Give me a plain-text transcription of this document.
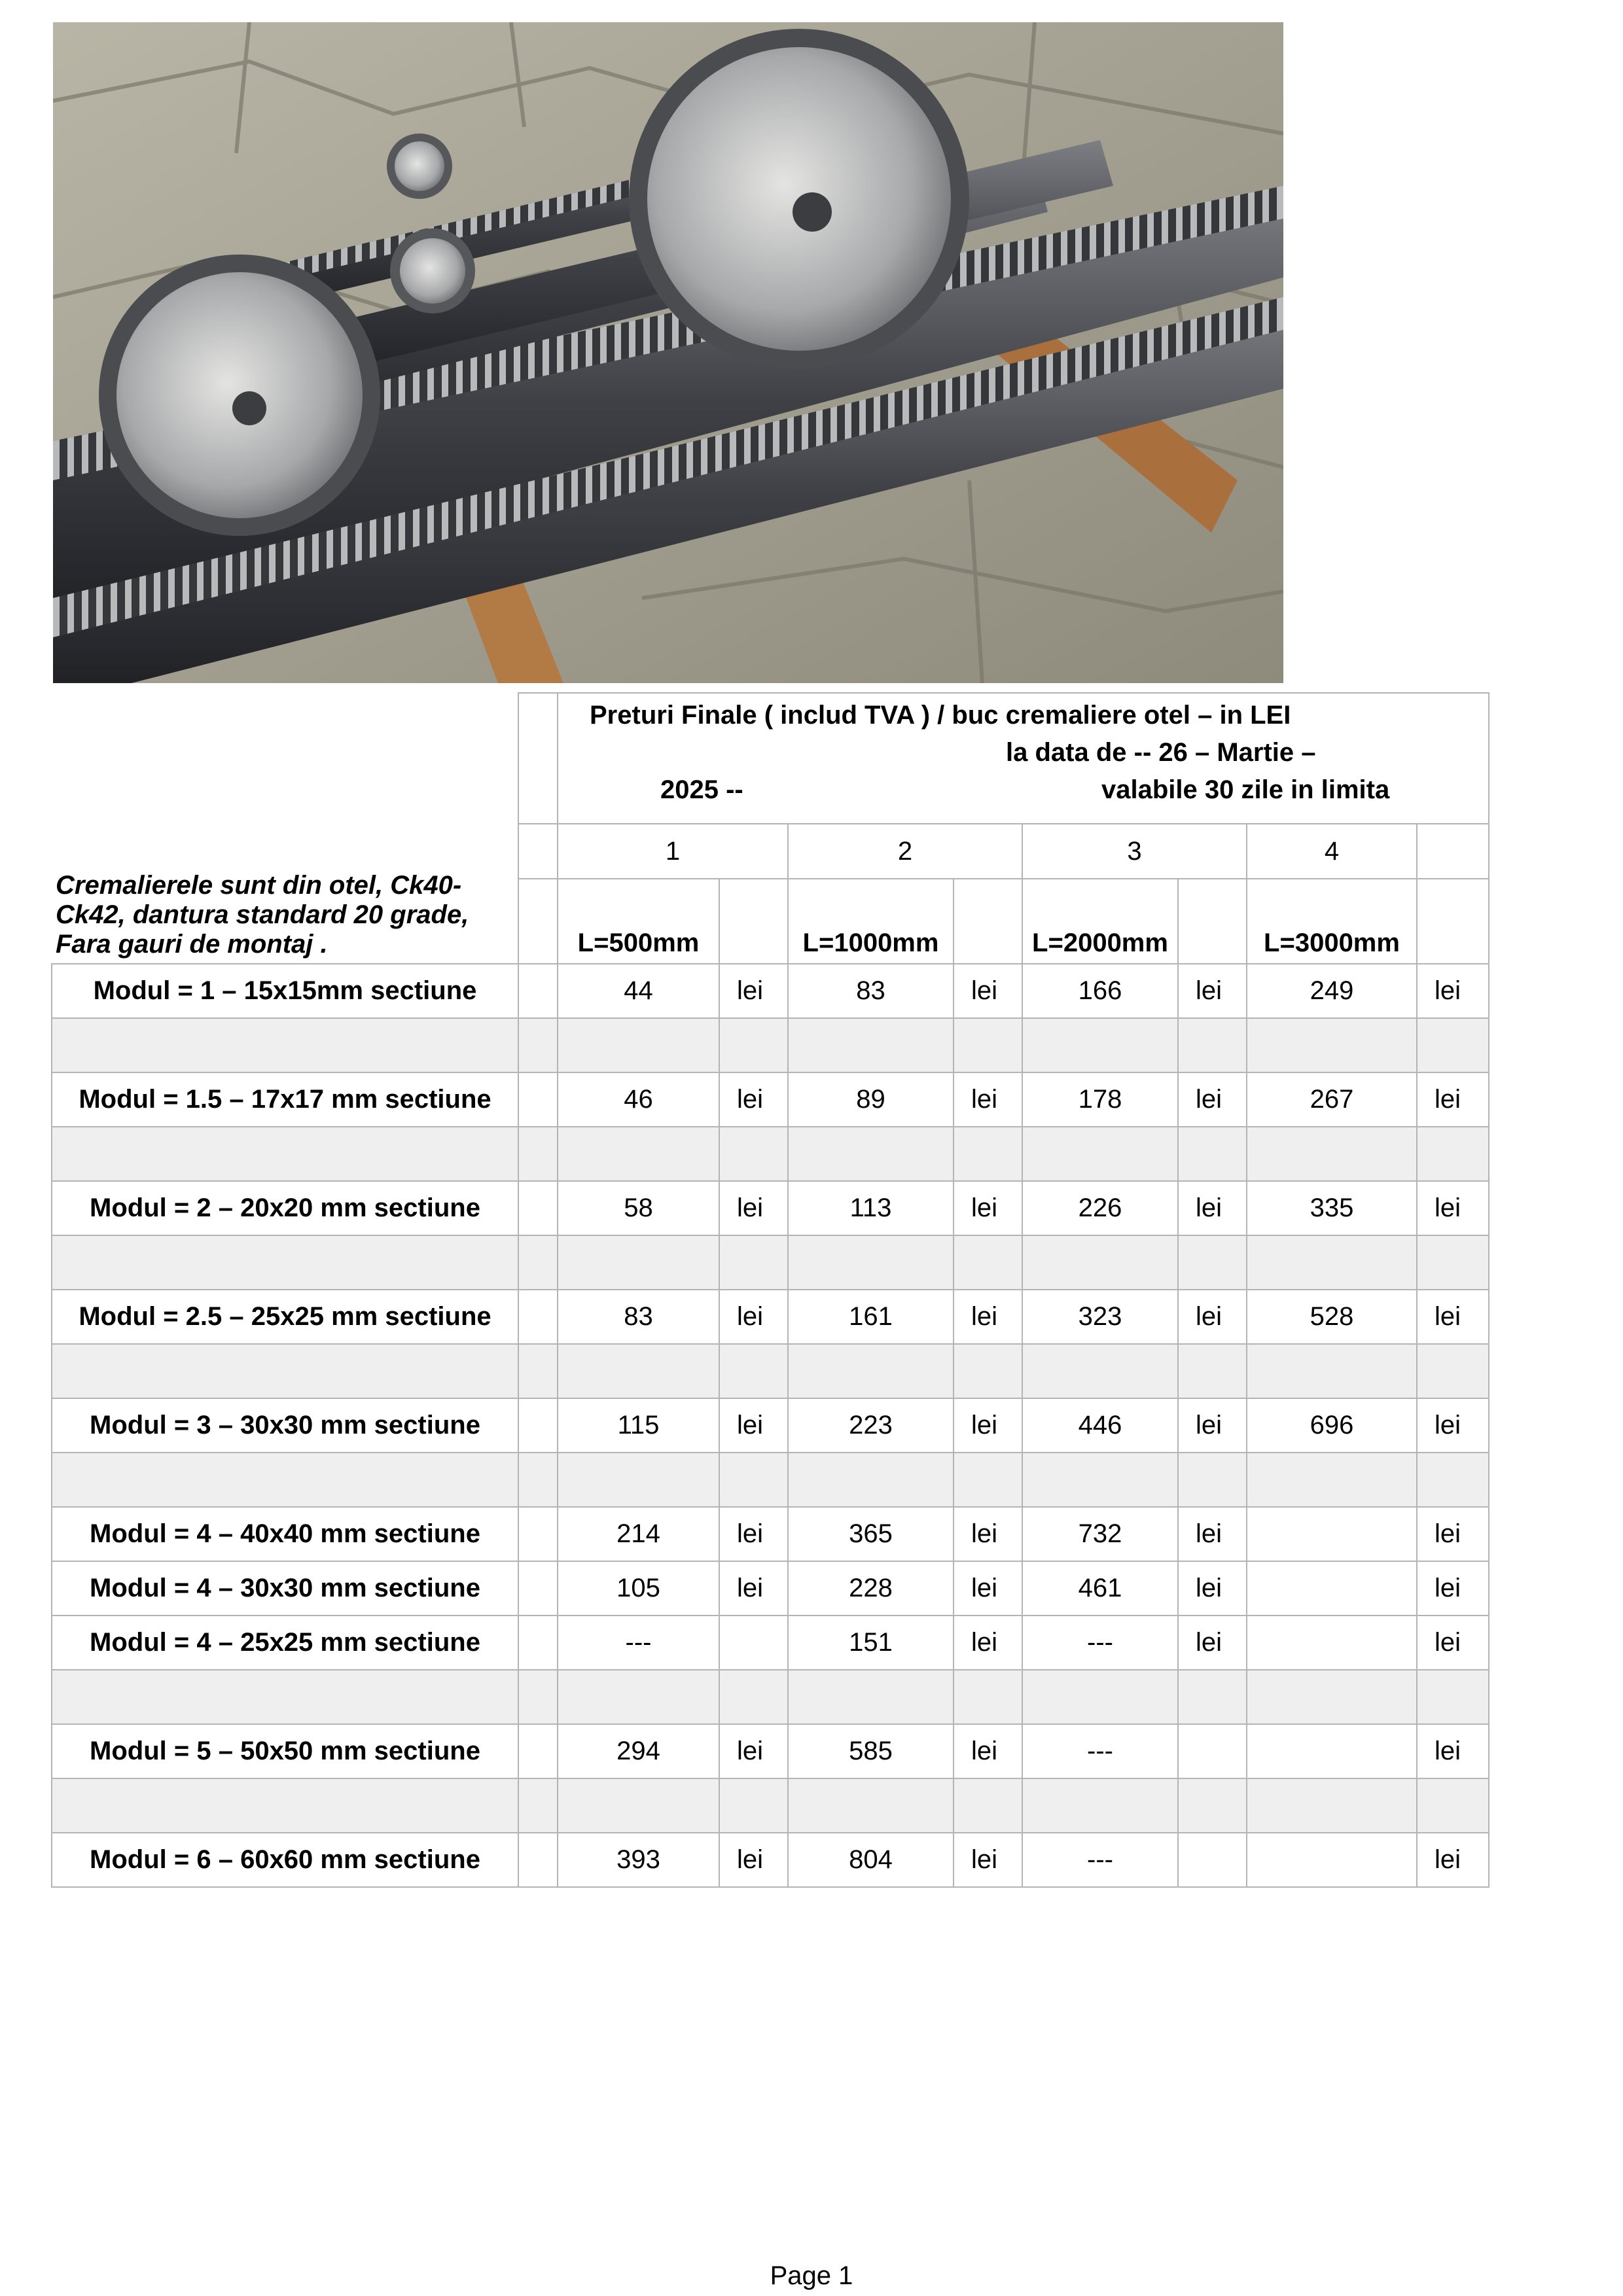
Cremalierele sunt din otel, Ck40-Ck42, dantura standard 20 grade, Fara gauri de montaj .		Preturi Finale ( includ TVA ) / buc cremaliere otel – in LEI
la data de -- 26 – Martie –
2025 -- valabile 30 zile in limita							

		1		2		3		4	
		L=500mm		L=1000mm		L=2000mm		L=3000mm	
Modul = 1 – 15x15mm sectiune		44	lei	83	lei	166	lei	249	lei

Modul = 1.5 – 17x17 mm sectiune		46	lei	89	lei	178	lei	267	lei

Modul = 2 – 20x20 mm sectiune		58	lei	113	lei	226	lei	335	lei

Modul = 2.5 – 25x25 mm sectiune		83	lei	161	lei	323	lei	528	lei

Modul = 3 – 30x30 mm sectiune		115	lei	223	lei	446	lei	696	lei

Modul = 4 – 40x40 mm sectiune		214	lei	365	lei	732	lei		lei
Modul = 4 – 30x30 mm sectiune		105	lei	228	lei	461	lei		lei
Modul = 4 – 25x25 mm sectiune		---		151	lei	---	lei		lei

Modul = 5 – 50x50 mm sectiune		294	lei	585	lei	---			lei

Modul = 6 – 60x60 mm sectiune		393	lei	804	lei	---			lei
Page 1
